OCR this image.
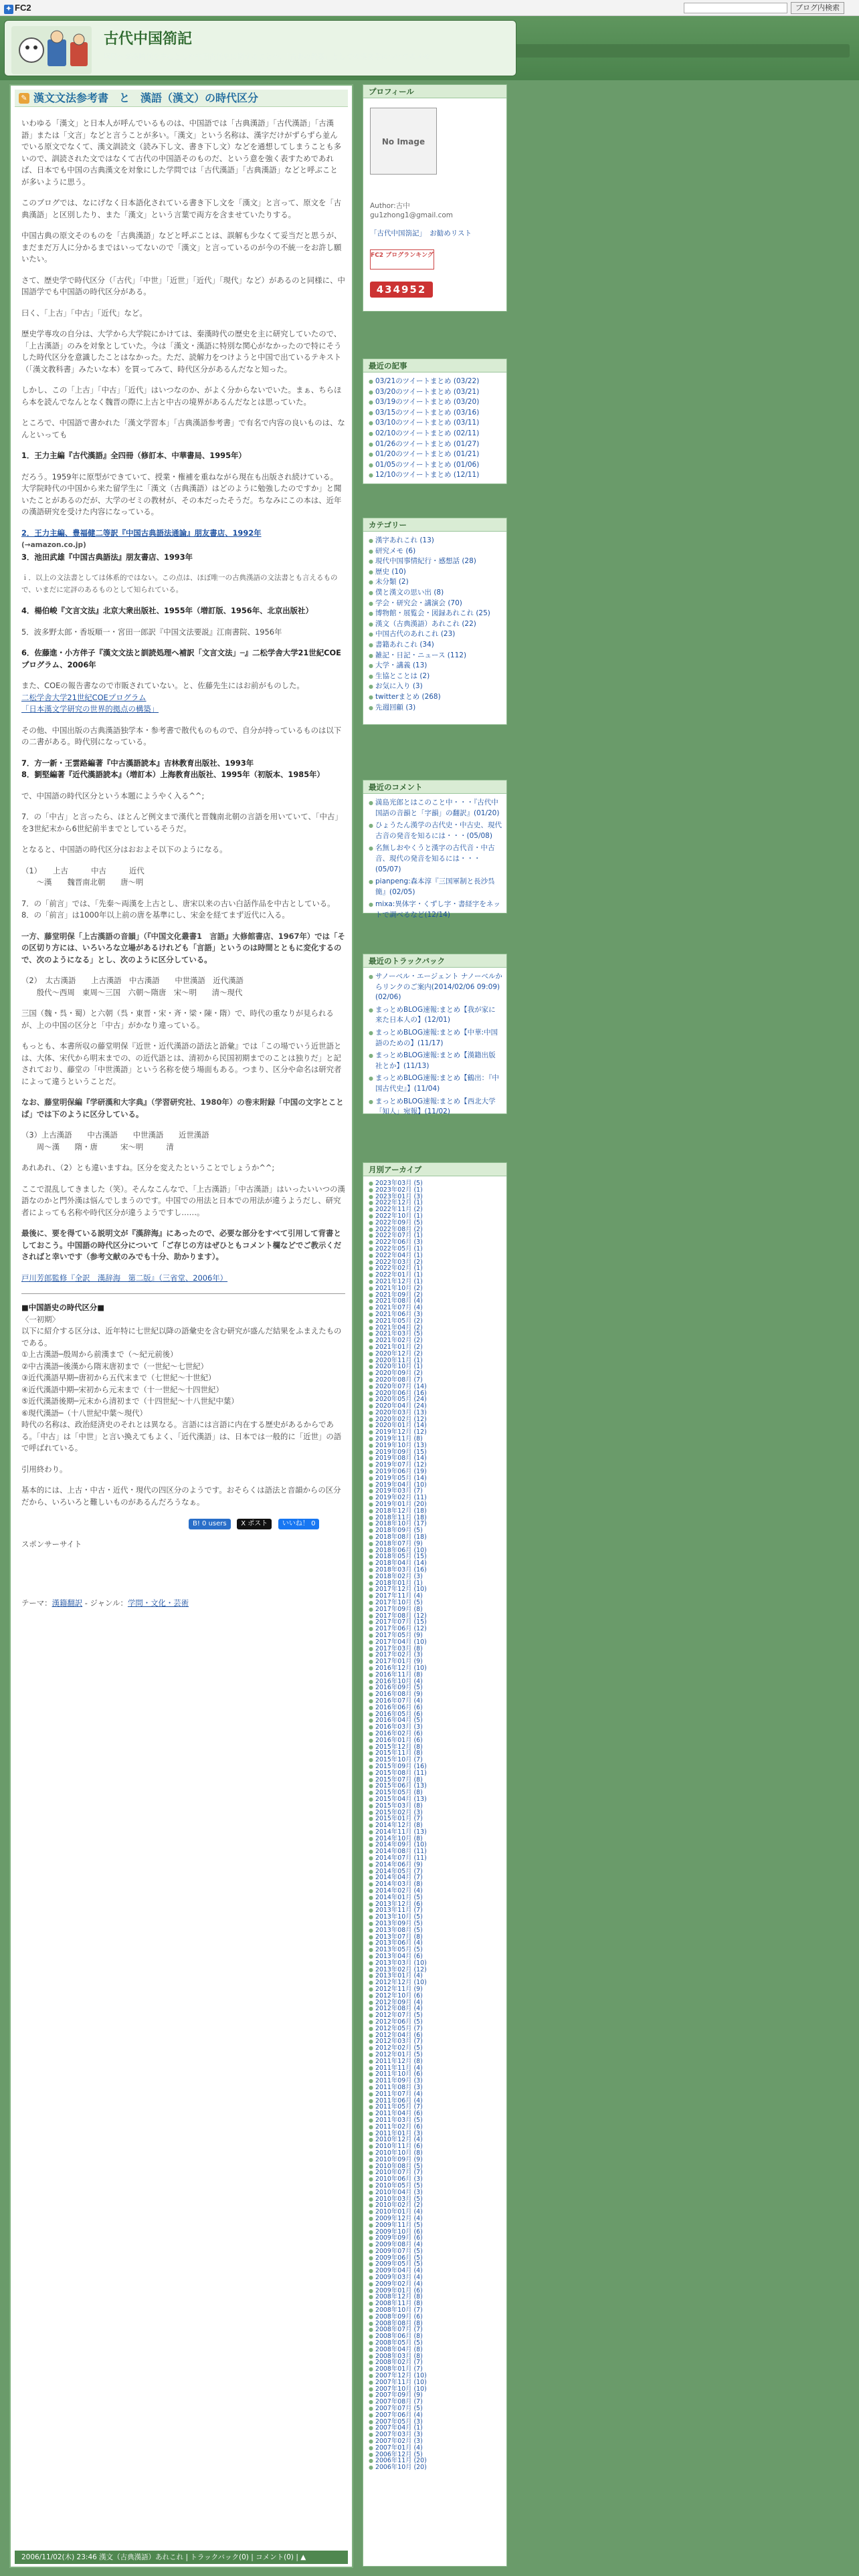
✦ FC2	ブログ内検索
古代中国箚記
戦国～秦漢時代を中心とした中国古代史に関することや、「古典の教養」としての漢文学についてのメモ
✎ 漢文文法参考書　と　漢語（漢文）の時代区分

いわゆる「漢文」と日本人が呼んでいるものは、中国語では「古典漢語」「古代漢語」「古漢語」または「文言」などと言うことが多い。「漢文」という名称は、漢字だけがずらずら並んでいる原文でなくて、漢文訓読文（読み下し文、書き下し文）などを通想してしまうことも多いので、訓読された文ではなくて古代の中国語そのものだ、という意を強く表すためであれば、日本でも中国の古典漢文を対象にした学問では「古代漢語」「古典漢語」などと呼ぶことが多いように思う。

このブログでは、なにげなく日本語化されている書き下し文を「漢文」と言って、原文を「古典漢語」と区別したり、また「漢文」という言葉で両方を含ませていたりする。

中国古典の原文そのものを「古典漢語」などと呼ぶことは、誤解も少なくて妥当だと思うが、まだまだ万人に分かるまではいってないので「漢文」と言っているのが今の不統一をお許し願いたい。

さて、歴史学で時代区分（「古代」「中世」「近世」「近代」「現代」など）があるのと同様に、中国語学でも中国語の時代区分がある。

曰く、「上古」「中古」「近代」など。

歴史学専攻の自分は、大学から大学院にかけては、秦漢時代の歴史を主に研究していたので、「上古漢語」のみを対象としていた。今は「漢文・漢語に特別な関心がなかったので特にそうした時代区分を意識したことはなかった。ただ、読解力をつけようと中国で出ているテキスト（「漢文教科書」みたいな本）を買ってみて、時代区分があるんだなと知った。

しかし、この「上古」「中古」「近代」はいつなのか、がよく分からないでいた。まぁ、ちらほら本を読んでなんとなく魏晋の際に上古と中古の境界があるんだなとは思っていた。

ところで、中国語で書かれた「漢文学習本」「古典漢語参考書」で有名で内容の良いものは、なんといっても

1．王力主編『古代漢語』全四冊（修訂本、中華書局、1995年）

だろう。1959年に原型ができていて、授業・権補を重ねながら現在も出版され続けている。大学院時代の中国から来た留学生に「漢文（古典漢語）はどのように勉強したのですか」と聞いたことがあるのだが、大学のゼミの教材が、その本だったそうだ。ちなみにこの本は、近年の漢語研究を受けた内容になっている。

2．王力主編、豊福健二等訳『中国古典語法通論』朋友書店、1992年
(→amazon.co.jp)
3．池田武雄『中国古典語法』朋友書店、1993年

ｉ．以上の文法書としては体系的ではない。この点は、ほぼ唯一の古典漢語の文法書とも言えるもので、いまだに定評のあるものとして知られている。

4．楊伯峻『文言文法』北京大衆出版社、1955年（増訂版、1956年、北京出版社）

5．波多野太郎・香坂順一・宮田一郎訳『中国文法要説』江南書院、1956年

6．佐藤進・小方伴子『漢文文法と訓読処理へ補訳「文言文法」─』二松学舎大学21世紀COEプログラム、2006年

また、COEの報告書なので市販されていない。と、佐藤先生にはお前がものした。
二松学舎大学21世紀COEプログラム
「日本漢文学研究の世界的拠点の構築」

その他、中国出版の古典漢語独学本・参考書で散代ものもので、自分が持っているものは以下の二書がある。時代別になっている。

7．方一新・王雲路編著『中古漢語読本』吉林教育出版社、1993年
8．劉堅編著『近代漢語読本』（増訂本）上海教育出版社、1995年（初版本、1985年）

で、中国語の時代区分という本題にようやく入る^^;

7．の「中古」と言ったら、ほとんど例文まで漢代と晋魏南北朝の言語を用いていて、「中古」を3世紀末から6世紀前半までとしているそうだ。

となると、中国語の時代区分はおおよそ以下のようになる。

（1）　　上古　　　中古　　　近代
　　〜漢　　魏晋南北朝　　唐〜明

7．の「前言」では、「先秦〜両漢を上古とし、唐宋以来の古い白話作品を中古としている。8．の「前言」は1000年以上前の唐を基準にし、宋金を経てまず近代に入る。

一方、藤堂明保「上古漢語の音韻」（『中国文化叢書1　言語』大修館書店、1967年）では「その区切り方には、いろいろな立場があるけれども「言語」というのは時間とともに変化するので、次のようになる」とし、次のように区分している。

（2）　太古漢語　　上古漢語　中古漢語　　中世漢語　近代漢語
　　殷代〜西周　東周〜三国　六朝〜隋唐　宋〜明　　清〜現代

三国（魏・呉・蜀）と六朝（呉・東晋・宋・斉・梁・陳・隋）で、時代の重なりが見られるが、上の中国の区分と「中古」がかなり違っている。

もっとも、本書所収の藤堂明保『近世・近代漢語の語法と語彙』では「この場でいう近世語とは、大体、宋代から明末までの、の近代語とは、清初から民国初期までのことは独りだ」と記されており、藤堂の「中世漢語」という名称を使う場面もある。つまり、区分や命名は研究者によって違うということだ。

なお、藤堂明保編『学研漢和大字典』（学習研究社、1980年）の巻末附録「中国の文字とことば」では下のように区分している。

（3）上古漢語　　中古漢語　　中世漢語　　近世漢語
　　周〜漢　　隋・唐　　　宋〜明　　　清

あれあれ、（2）とも違いますね。区分を変えたということでしょうか^^;

ここで混乱してきました（笑）。そんなこんなで、「上古漢語」「中古漢語」はいったいいつの漢語なのかと門外漢は悩んでしまうのです。中国での用法と日本での用法が違うようだし、研究者によっても名称や時代区分が違うようですし……。

最後に、要を得ている説明文が『漢辞海』にあったので、必要な部分をすべて引用して背書としておこう。中国語の時代区分について「ご存じの方はぜひともコメント欄などでご教示くださればと幸いです（参考文献のみでも十分、助かります）。

戸川芳郎監修『全訳　漢辞海　第二版』（三省堂、2006年）

■中国語史の時代区分■
〈一初期〉
以下に紹介する区分は、近年特に七世紀以降の語彙史を含む研究が盛んだ結果をふまえたものである。
①上古漢語─殷周から前漢まで（〜紀元前後）
②中古漢語─後漢から隋末唐初まで（一世紀〜七世紀）
③近代漢語早期─唐初から五代末まで（七世紀〜十世紀）
④近代漢語中期─宋初から元末まで（十一世紀〜十四世紀）
⑤近代漢語後期─元末から清初まで（十四世紀〜十八世紀中葉）
⑥現代漢語─（十八世紀中葉〜現代）
時代の名称は、政治経済史のそれとは異なる。言語には言語に内在する歴史があるからである。「中古」は「中世」と言い換えてもよく、「近代漢語」は、日本では一般的に「近世」の語で呼ばれている。

引用終わり。

基本的には、上古・中古・近代・現代の四区分のようです。おそらくは語法と音韻からの区分だから、いろいろと難しいものがあるんだろうなぁ。

B! 0 users X ポスト いいね！ 0

スポンサーサイト

テーマ：漢籍翻訳 - ジャンル：学問・文化・芸術

2006/11/02(木) 23:46 漢文（古典漢語）あれこれ | トラックバック(0) | コメント(0) | ▲
プロフィール
No Image
Author:古中
gu1zhong1@gmail.com
「古代中国箚記」　お勧めリスト
FC2 ブログランキング
434952
最近の記事
● 03/21のツイートまとめ (03/22)
● 03/20のツイートまとめ (03/21)
● 03/19のツイートまとめ (03/20)
● 03/15のツイートまとめ (03/16)
● 03/10のツイートまとめ (03/11)
● 02/10のツイートまとめ (02/11)
● 01/26のツイートまとめ (01/27)
● 01/20のツイートまとめ (01/21)
● 01/05のツイートまとめ (01/06)
● 12/10のツイートまとめ (12/11)
カテゴリー
● 漢字あれこれ (13)
● 研究メモ (6)
● 現代中国事情紀行・感想話 (28)
● 歴史 (10)
● 未分類 (2)
● 僕と漢文の思い出 (8)
● 学会・研究会・講演会 (70)
● 博物館・展覧会・図録あれこれ (25)
● 漢文（古典漢語）あれこれ (22)
● 中国古代のあれこれ (23)
● 書籍あれこれ (34)
● 雑記・日記・ニュース (112)
● 大学・講義 (13)
● 生協とことは (2)
● お気に入り (3)
● twitterまとめ (268)
● 先週回顧 (3)
最近のコメント
● 満島光郎とはこのこと中・・・『古代中国語の音韻と「字韻」の翻訳』(01/20)
● ひょうたん漢学の古代史・中古史、現代古音の発音を知るには・・・(05/08)
● 名無しおやくうと漢字の古代音・中古音、現代の発音を知るには・・・(05/07)
● pianpeng:森本淳『三国軍制と長沙呉簡』(02/05)
● mixa:異体字・くずし字・書経字をネットで調べるなど(12/14)
最近のトラックバック
● サノーベル・エージェント ナノーベルからリンクのご案内(2014/02/06 09:09) (02/06)
● まっとめBLOG速報:まとめ【我が家に来た日本人の】(12/01)
● まっとめBLOG速報:まとめ【中華:中国語のための】(11/17)
● まっとめBLOG速報:まとめ【漢籍出版社とか】(11/13)
● まっとめBLOG速報:まとめ【鶴出：『中国古代史』】(11/04)
● まっとめBLOG速報:まとめ【西北大学「知人」宛報】(11/02)
月別アーカイブ
● 2023年03月 (5)
● 2023年02月 (1)
● 2023年01月 (3)
● 2022年12月 (1)
● 2022年11月 (2)
● 2022年10月 (1)
● 2022年09月 (5)
● 2022年08月 (2)
● 2022年07月 (1)
● 2022年06月 (3)
● 2022年05月 (1)
● 2022年04月 (1)
● 2022年03月 (2)
● 2022年02月 (1)
● 2022年01月 (1)
● 2021年12月 (1)
● 2021年10月 (2)
● 2021年09月 (2)
● 2021年08月 (4)
● 2021年07月 (4)
● 2021年06月 (3)
● 2021年05月 (2)
● 2021年04月 (2)
● 2021年03月 (5)
● 2021年02月 (2)
● 2021年01月 (2)
● 2020年12月 (2)
● 2020年11月 (1)
● 2020年10月 (1)
● 2020年09月 (2)
● 2020年08月 (7)
● 2020年07月 (14)
● 2020年06月 (16)
● 2020年05月 (24)
● 2020年04月 (24)
● 2020年03月 (13)
● 2020年02月 (12)
● 2020年01月 (14)
● 2019年12月 (12)
● 2019年11月 (8)
● 2019年10月 (13)
● 2019年09月 (15)
● 2019年08月 (14)
● 2019年07月 (12)
● 2019年06月 (19)
● 2019年05月 (14)
● 2019年04月 (10)
● 2019年03月 (7)
● 2019年02月 (11)
● 2019年01月 (20)
● 2018年12月 (18)
● 2018年11月 (18)
● 2018年10月 (17)
● 2018年09月 (5)
● 2018年08月 (18)
● 2018年07月 (9)
● 2018年06月 (10)
● 2018年05月 (15)
● 2018年04月 (14)
● 2018年03月 (16)
● 2018年02月 (3)
● 2018年01月 (1)
● 2017年12月 (10)
● 2017年11月 (4)
● 2017年10月 (5)
● 2017年09月 (8)
● 2017年08月 (12)
● 2017年07月 (15)
● 2017年06月 (12)
● 2017年05月 (9)
● 2017年04月 (10)
● 2017年03月 (8)
● 2017年02月 (3)
● 2017年01月 (9)
● 2016年12月 (10)
● 2016年11月 (8)
● 2016年10月 (4)
● 2016年09月 (5)
● 2016年08月 (9)
● 2016年07月 (4)
● 2016年06月 (6)
● 2016年05月 (6)
● 2016年04月 (5)
● 2016年03月 (3)
● 2016年02月 (6)
● 2016年01月 (6)
● 2015年12月 (8)
● 2015年11月 (8)
● 2015年10月 (7)
● 2015年09月 (16)
● 2015年08月 (11)
● 2015年07月 (8)
● 2015年06月 (13)
● 2015年05月 (8)
● 2015年04月 (13)
● 2015年03月 (8)
● 2015年02月 (3)
● 2015年01月 (7)
● 2014年12月 (8)
● 2014年11月 (13)
● 2014年10月 (8)
● 2014年09月 (10)
● 2014年08月 (11)
● 2014年07月 (11)
● 2014年06月 (9)
● 2014年05月 (7)
● 2014年04月 (7)
● 2014年03月 (8)
● 2014年02月 (4)
● 2014年01月 (5)
● 2013年12月 (6)
● 2013年11月 (7)
● 2013年10月 (5)
● 2013年09月 (5)
● 2013年08月 (5)
● 2013年07月 (8)
● 2013年06月 (4)
● 2013年05月 (5)
● 2013年04月 (6)
● 2013年03月 (10)
● 2013年02月 (12)
● 2013年01月 (4)
● 2012年12月 (10)
● 2012年11月 (9)
● 2012年10月 (6)
● 2012年09月 (4)
● 2012年08月 (4)
● 2012年07月 (5)
● 2012年06月 (5)
● 2012年05月 (7)
● 2012年04月 (6)
● 2012年03月 (7)
● 2012年02月 (5)
● 2012年01月 (5)
● 2011年12月 (8)
● 2011年11月 (4)
● 2011年10月 (6)
● 2011年09月 (3)
● 2011年08月 (3)
● 2011年07月 (4)
● 2011年06月 (4)
● 2011年05月 (7)
● 2011年04月 (6)
● 2011年03月 (5)
● 2011年02月 (6)
● 2011年01月 (3)
● 2010年12月 (4)
● 2010年11月 (6)
● 2010年10月 (8)
● 2010年09月 (9)
● 2010年08月 (5)
● 2010年07月 (7)
● 2010年06月 (3)
● 2010年05月 (5)
● 2010年04月 (3)
● 2010年03月 (5)
● 2010年02月 (2)
● 2010年01月 (4)
● 2009年12月 (4)
● 2009年11月 (5)
● 2009年10月 (6)
● 2009年09月 (6)
● 2009年08月 (4)
● 2009年07月 (5)
● 2009年06月 (5)
● 2009年05月 (5)
● 2009年04月 (4)
● 2009年03月 (4)
● 2009年02月 (4)
● 2009年01月 (6)
● 2008年12月 (8)
● 2008年11月 (8)
● 2008年10月 (7)
● 2008年09月 (6)
● 2008年08月 (8)
● 2008年07月 (7)
● 2008年06月 (8)
● 2008年05月 (5)
● 2008年04月 (8)
● 2008年03月 (8)
● 2008年02月 (7)
● 2008年01月 (7)
● 2007年12月 (10)
● 2007年11月 (10)
● 2007年10月 (10)
● 2007年09月 (9)
● 2007年08月 (7)
● 2007年07月 (5)
● 2007年06月 (4)
● 2007年05月 (3)
● 2007年04月 (1)
● 2007年03月 (3)
● 2007年02月 (3)
● 2007年01月 (4)
● 2006年12月 (5)
● 2006年11月 (20)
● 2006年10月 (20)
